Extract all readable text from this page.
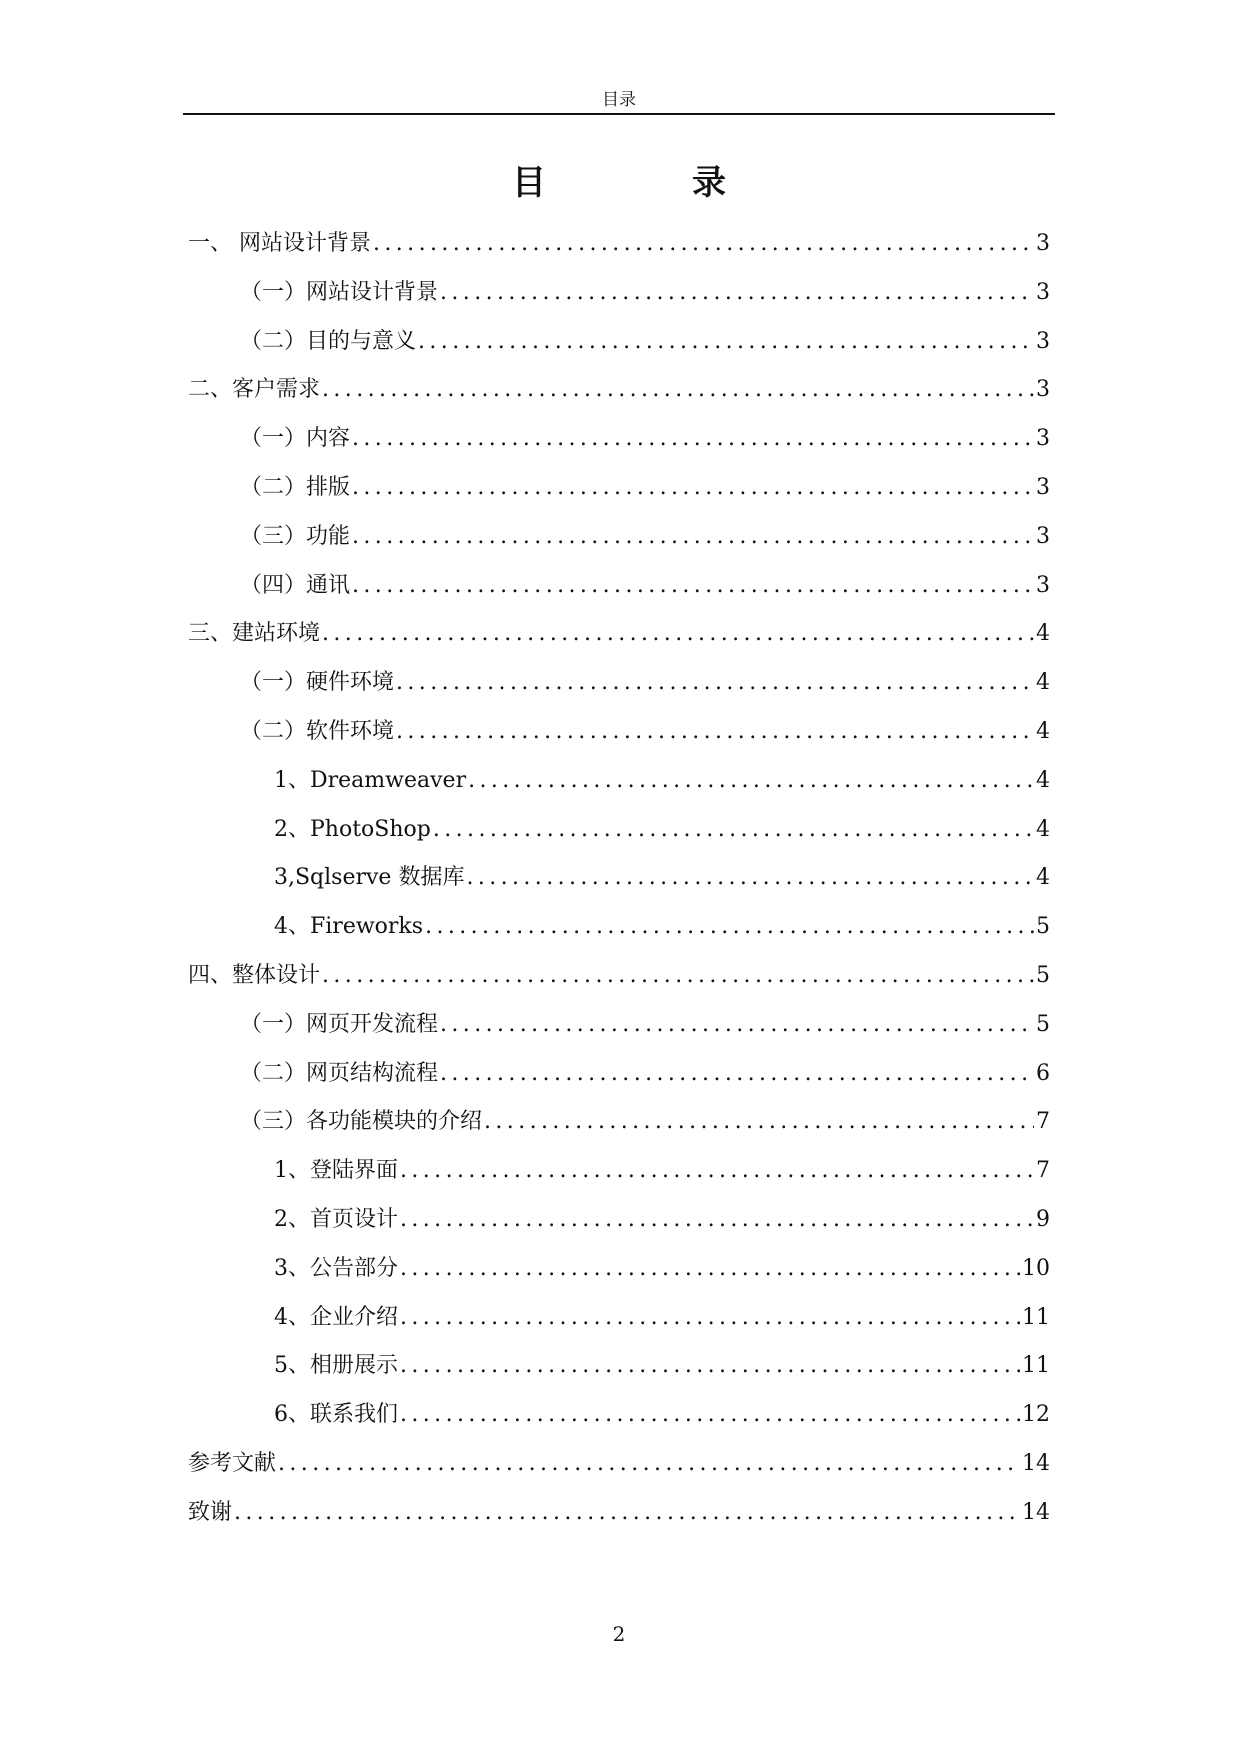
目录
目　录
一、 网站设计背景 .....	3
（一）网站设计背景 .....	3
（二）目的与意义 .....	3
二、客户需求 .....	3
（一）内容 .....	3
（二）排版 .....	3
（三）功能 .....	3
（四）通讯 .....	3
三、建站环境 .....	4
（一）硬件环境 .....	4
（二）软件环境 .....	4
1、Dreamweaver .....	4
2、PhotoShop .....	4
3,Sqlserve 数据库 .....	4
4、Fireworks .....	5
四、整体设计 .....	5
（一）网页开发流程 .....	5
（二）网页结构流程 .....	6
（三）各功能模块的介绍 .....	7
1、登陆界面 .....	7
2、首页设计 .....	9
3、公告部分 .....	10
4、企业介绍 .....	11
5、相册展示 .....	11
6、联系我们 .....	12
参考文献 .....	14
致谢 .....	14
2
